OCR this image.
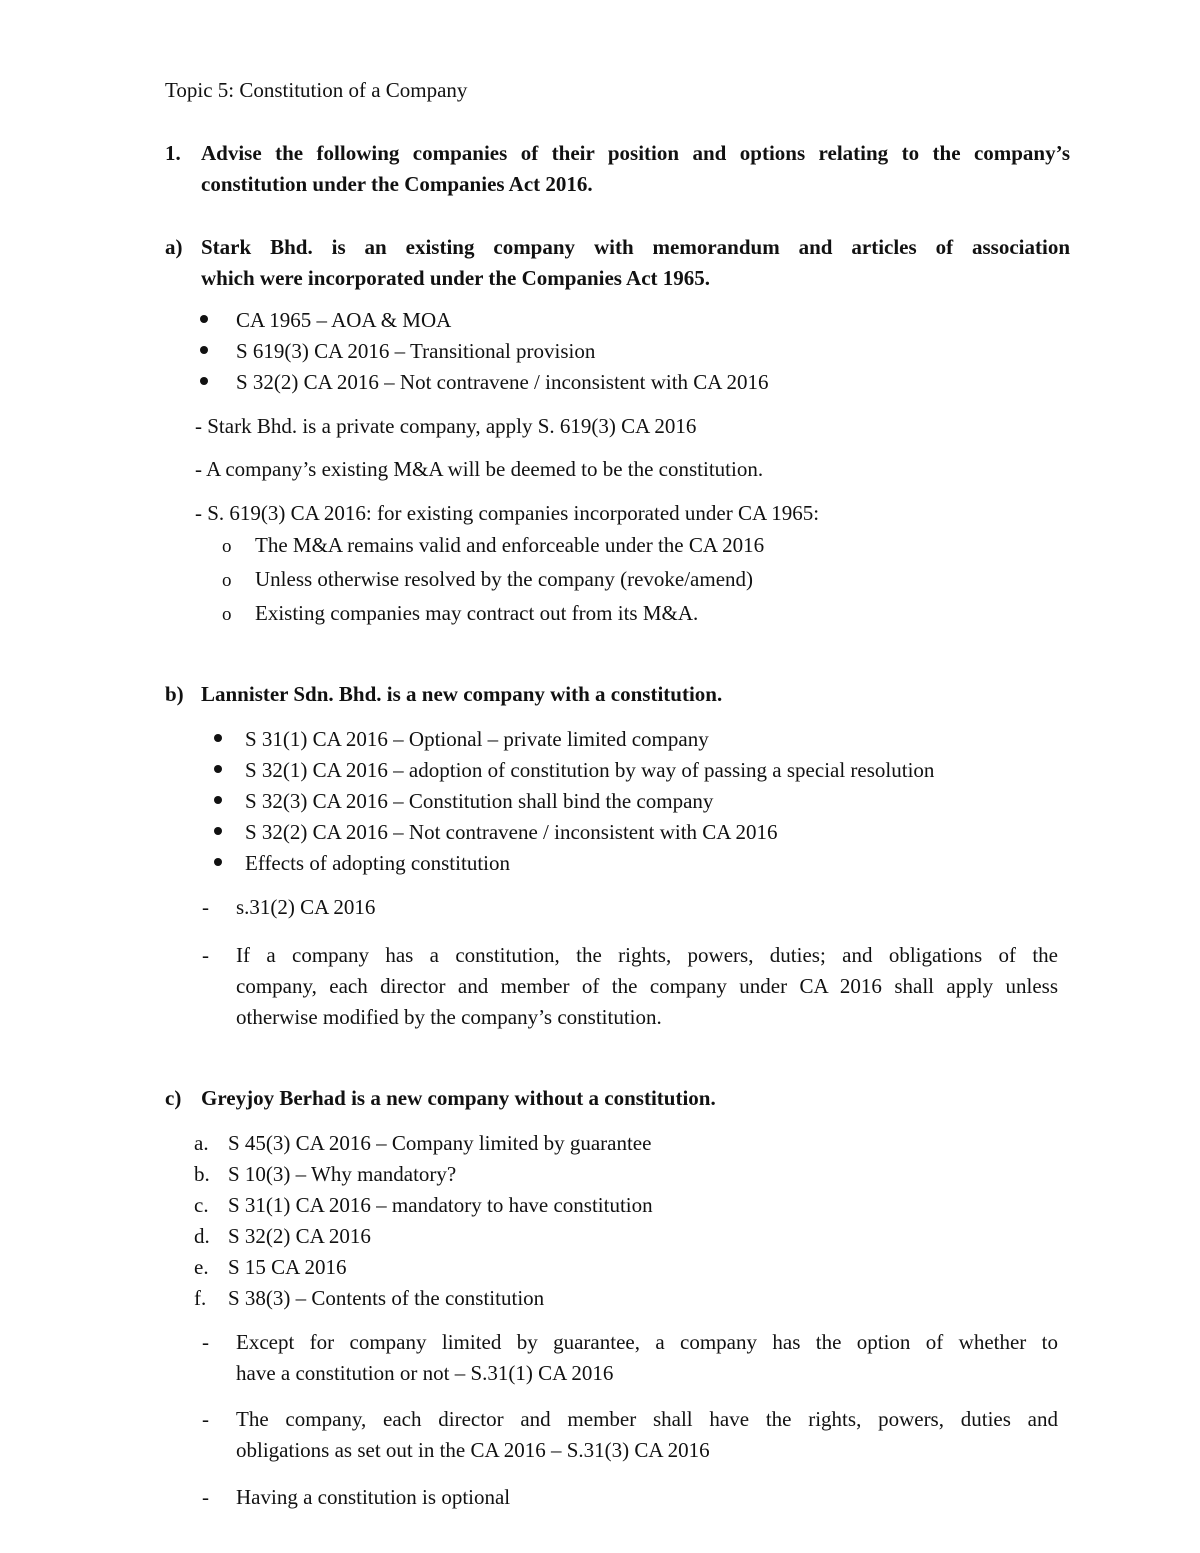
Topic 5: Constitution of a Company
1. Advise the following companies of their position and options relating to the company’s
constitution under the Companies Act 2016.
a) Stark Bhd. is an existing company with memorandum and articles of association
which were incorporated under the Companies Act 1965.
CA 1965 – AOA & MOA
S 619(3) CA 2016 – Transitional provision
S 32(2) CA 2016 – Not contravene / inconsistent with CA 2016
- Stark Bhd. is a private company, apply S. 619(3) CA 2016
- A company’s existing M&A will be deemed to be the constitution.
- S. 619(3) CA 2016: for existing companies incorporated under CA 1965:
o The M&A remains valid and enforceable under the CA 2016
o Unless otherwise resolved by the company (revoke/amend)
o Existing companies may contract out from its M&A.
b) Lannister Sdn. Bhd. is a new company with a constitution.
S 31(1) CA 2016 – Optional – private limited company
S 32(1) CA 2016 – adoption of constitution by way of passing a special resolution
S 32(3) CA 2016 – Constitution shall bind the company
S 32(2) CA 2016 – Not contravene / inconsistent with CA 2016
Effects of adopting constitution
- s.31(2) CA 2016
- If a company has a constitution, the rights, powers, duties; and obligations of the
company, each director and member of the company under CA 2016 shall apply unless
otherwise modified by the company’s constitution.
c) Greyjoy Berhad is a new company without a constitution.
a. S 45(3) CA 2016 – Company limited by guarantee
b. S 10(3) – Why mandatory?
c. S 31(1) CA 2016 – mandatory to have constitution
d. S 32(2) CA 2016
e. S 15 CA 2016
f. S 38(3) – Contents of the constitution
- Except for company limited by guarantee, a company has the option of whether to
have a constitution or not – S.31(1) CA 2016
- The company, each director and member shall have the rights, powers, duties and
obligations as set out in the CA 2016 – S.31(3) CA 2016
- Having a constitution is optional
